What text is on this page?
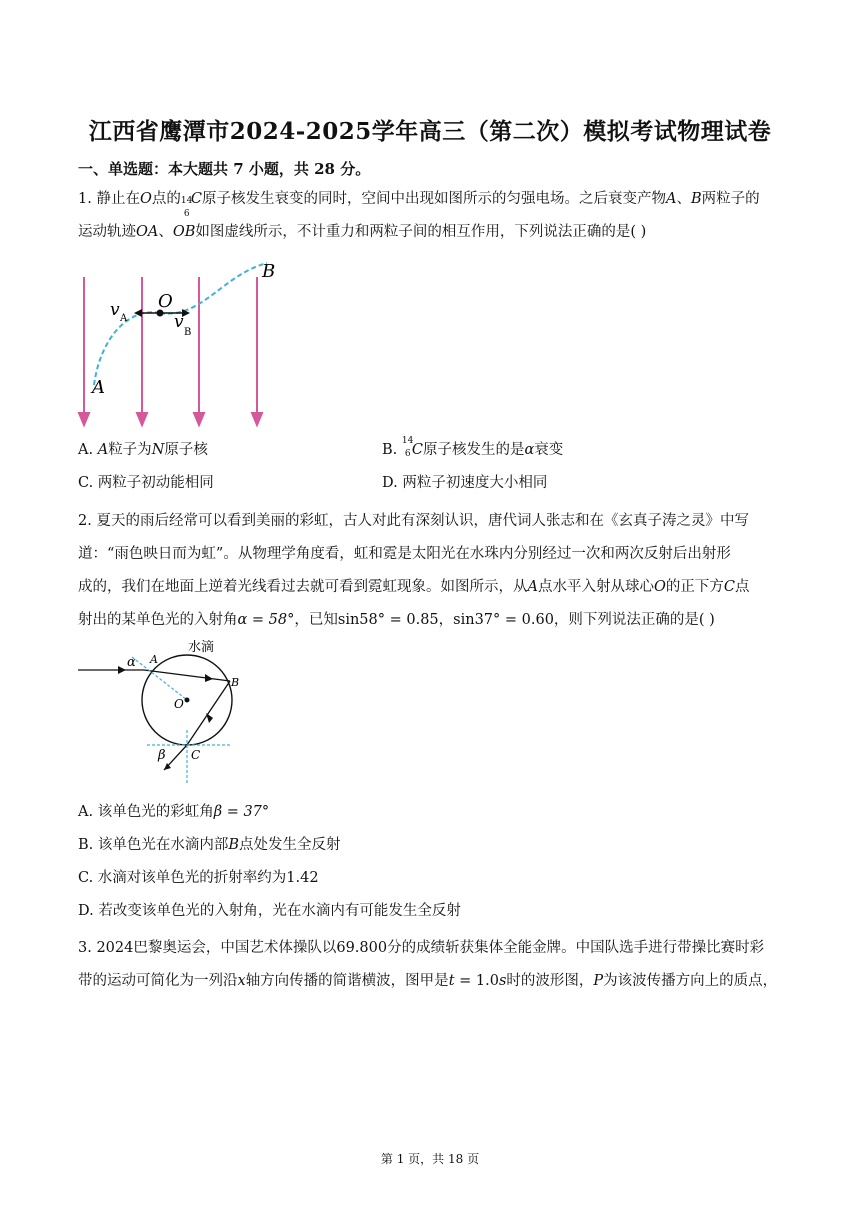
江西省鹰潭市2024-2025学年高三（第二次）模拟考试物理试卷
一、单选题：本大题共 7 小题，共 28 分。
1. 静止在O点的 14
6
C原子核发生衰变的同时，空间中出现如图所示的匀强电场。之后衰变产物A、B两粒子的
运动轨迹OA、OB如图虚线所示，不计重力和两粒子间的相互作用，下列说法正确的是( )
B
O
A
v A	v
B
A. A粒子为N原子核	B.
14
6 C原子核发生的是α衰变
C. 两粒子初动能相同	D. 两粒子初速度大小相同
2. 夏天的雨后经常可以看到美丽的彩虹，古人对此有深刻认识，唐代词人张志和在《玄真子涛之灵》中写
道：“雨色映日而为虹”。从物理学角度看，虹和霓是太阳光在水珠内分别经过一次和两次反射后出射形
成的，我们在地面上逆着光线看过去就可看到霓虹现象。如图所示，从A点水平入射从球心O的正下方C点
射出的某单色光的入射角α = 58°，已知sin58° = 0.85，sin37° = 0.60，则下列说法正确的是( )
水滴
α A
B
O
C
β
A. 该单色光的彩虹角β = 37°
B. 该单色光在水滴内部B点处发生全反射
C. 水滴对该单色光的折射率约为1.42
D. 若改变该单色光的入射角，光在水滴内有可能发生全反射
3. 2024巴黎奥运会，中国艺术体操队以69.800分的成绩斩获集体全能金牌。中国队选手进行带操比赛时彩
带的运动可简化为一列沿x轴方向传播的简谐横波，图甲是t = 1.0s时的波形图，P为该波传播方向上的质点，
第 1 页，共 18 页
